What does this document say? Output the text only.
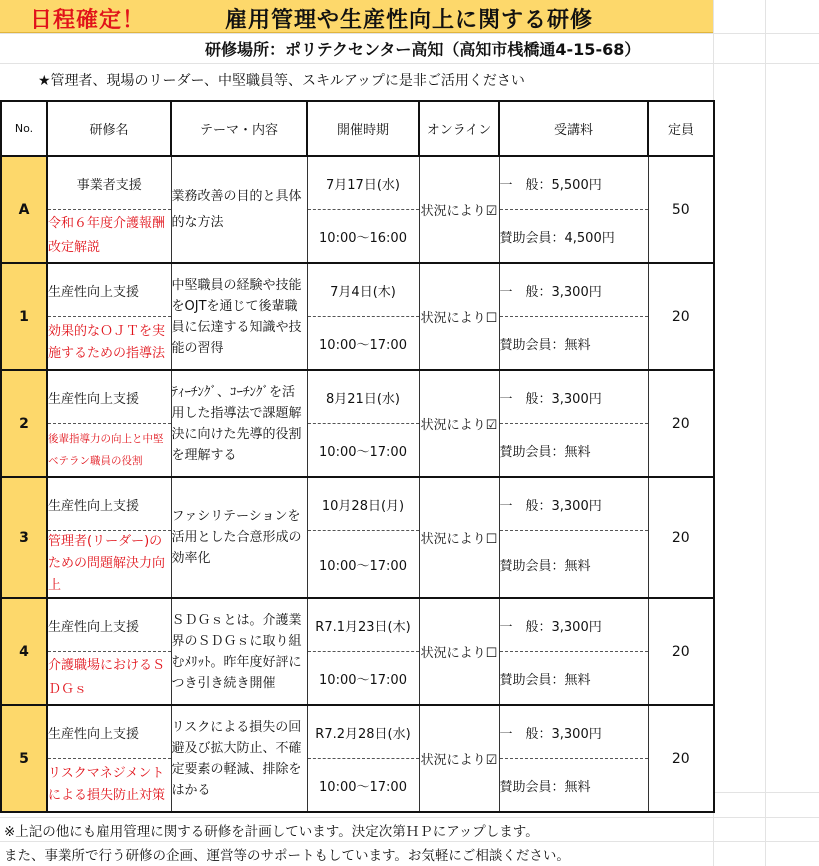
日程確定！	雇用管理や生産性向上に関する研修
研修場所：ポリテクセンター高知（高知市桟橋通4-15-68）
★管理者、現場のリーダー、中堅職員等、スキルアップに是非ご活用ください
No.	研修名	テーマ・内容	開催時期	オンライン	受講料	定員
A	事業者支援	業務改善の目的と具体的な方法	7月17日(水)	状況により☑	一　般：5,500円	50
	令和６年度介護報酬改定解説		10:00～16:00		賛助会員：4,500円	
1	生産性向上支援	中堅職員の経験や技能をOJTを通じて後輩職員に伝達する知識や技能の習得	7月4日(木)	状況により☐	一　般：3,300円	20
	効果的なＯＪＴを実施するための指導法		10:00～17:00		賛助会員：無料	
2	生産性向上支援	ﾃｨｰﾁﾝｸﾞ、ｺｰﾁﾝｸﾞを活用した指導法で課題解決に向けた先導的役割を理解する	8月21日(水)	状況により☑	一　般：3,300円	20
	後輩指導力の向上と中堅ベテラン職員の役割		10:00～17:00		賛助会員：無料	
3	生産性向上支援	ファシリテーションを活用とした合意形成の効率化	10月28日(月)	状況により☐	一　般：3,300円	20
	管理者(リーダー)のための問題解決力向上		10:00～17:00		賛助会員：無料	
4	生産性向上支援	ＳＤＧｓとは。介護業界のＳＤＧｓに取り組むﾒﾘｯﾄ。昨年度好評につき引き続き開催	R7.1月23日(木)	状況により☐	一　般：3,300円	20
	介護職場におけるＳＤＧｓ		10:00～17:00		賛助会員：無料	
5	生産性向上支援	リスクによる損失の回避及び拡大防止、不確定要素の軽減、排除をはかる	R7.2月28日(水)	状況により☑	一　般：3,300円	20
	リスクマネジメントによる損失防止対策		10:00～17:00		賛助会員：無料	
※上記の他にも雇用管理に関する研修を計画しています。決定次第ＨＰにアップします。
また、事業所で行う研修の企画、運営等のサポートもしています。お気軽にご相談ください。
